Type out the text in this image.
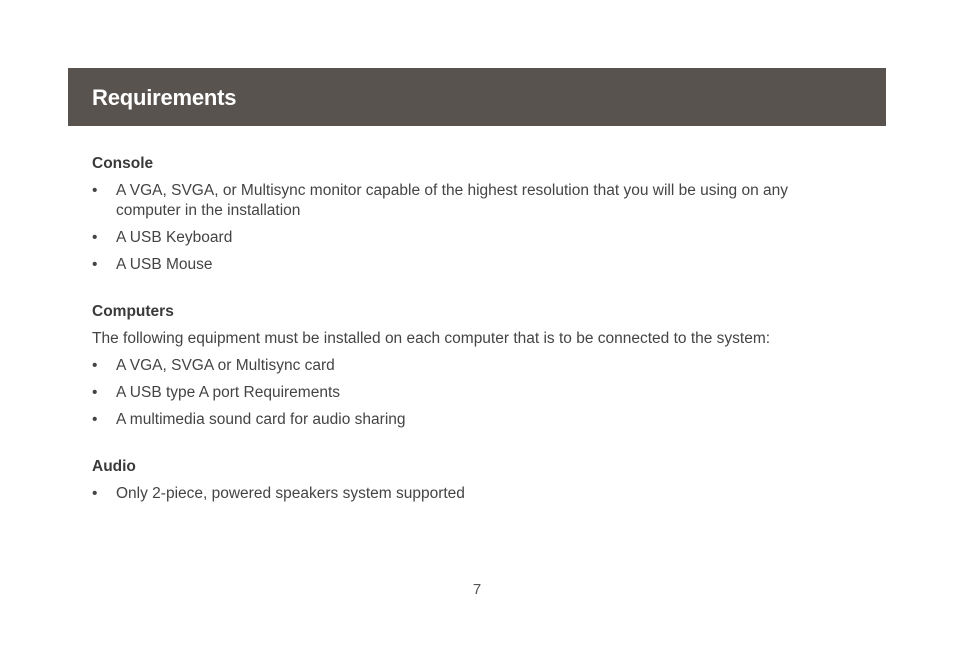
Requirements
Console
• A VGA, SVGA, or Multisync monitor capable of the highest resolution that you will be using on any computer in the installation
• A USB Keyboard
• A USB Mouse
Computers

The following equipment must be installed on each computer that is to be connected to the system:

• A VGA, SVGA or Multisync card
• A USB type A port Requirements
• A multimedia sound card for audio sharing
Audio
• Only 2-piece, powered speakers system supported
7
